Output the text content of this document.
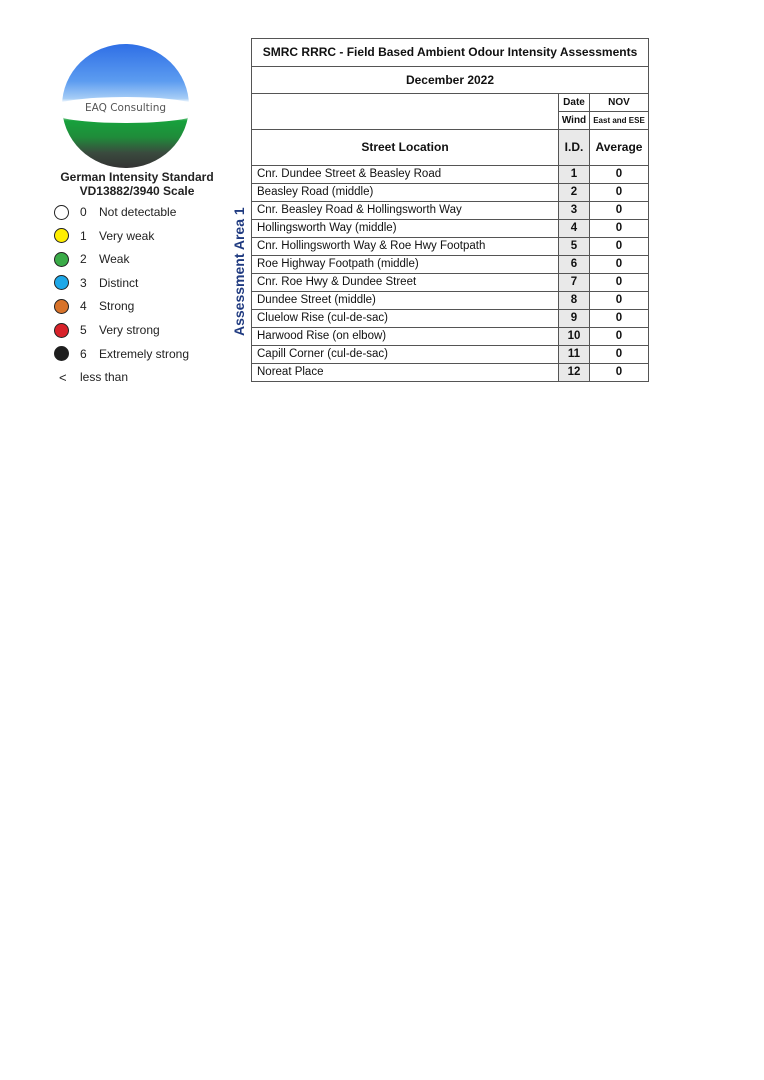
EAQ Consulting
German Intensity Standard
VD13882/3940 Scale
0 Not detectable
1 Very weak
2 Weak
3 Distinct
4 Strong
5 Very strong
6 Extremely strong
< less than
Assessment Area 1
SMRC RRRC - Field Based Ambient Odour Intensity Assessments		
December 2022		
	Date	NOV
	Wind	East and ESE
Street Location	I.D.	Average
Cnr. Dundee Street & Beasley Road	1	0
Beasley Road (middle)	2	0
Cnr. Beasley Road & Hollingsworth Way	3	0
Hollingsworth Way (middle)	4	0
Cnr. Hollingsworth Way & Roe Hwy Footpath	5	0
Roe Highway Footpath (middle)	6	0
Cnr. Roe Hwy & Dundee Street	7	0
Dundee Street (middle)	8	0
Cluelow Rise (cul-de-sac)	9	0
Harwood Rise (on elbow)	10	0
Capill Corner (cul-de-sac)	11	0
Noreat Place	12	0
